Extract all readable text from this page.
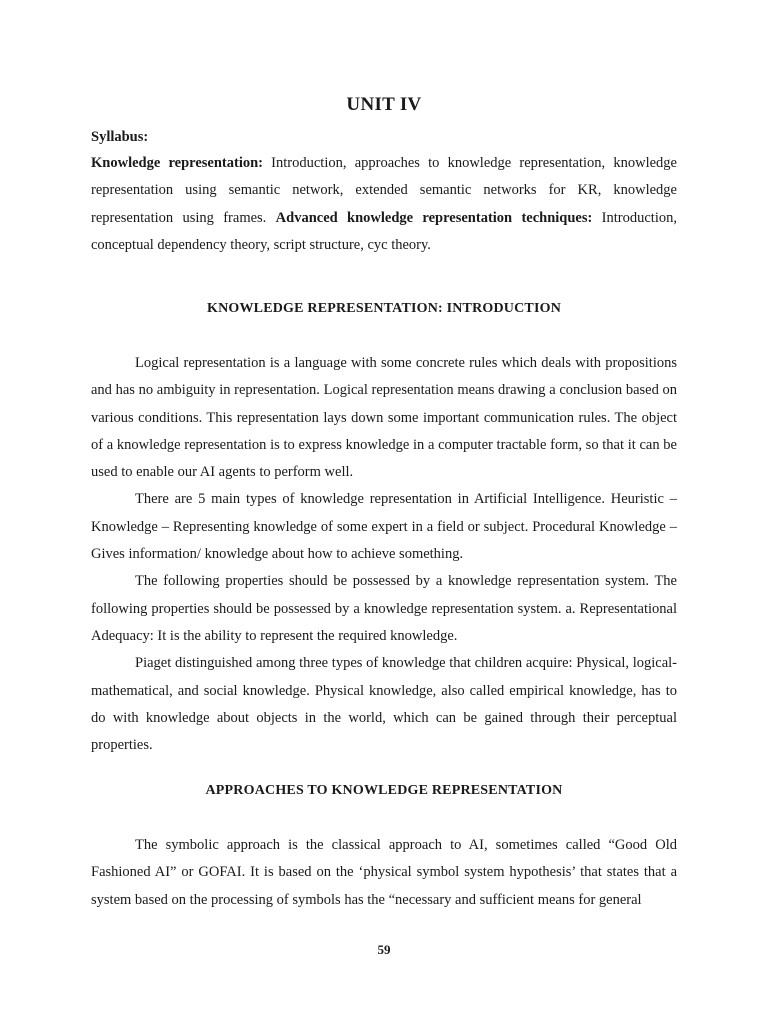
UNIT IV
Syllabus:
Knowledge representation: Introduction, approaches to knowledge representation, knowledge representation using semantic network, extended semantic networks for KR, knowledge representation using frames. Advanced knowledge representation techniques: Introduction, conceptual dependency theory, script structure, cyc theory.
KNOWLEDGE REPRESENTATION: INTRODUCTION

Logical representation is a language with some concrete rules which deals with propositions and has no ambiguity in representation. Logical representation means drawing a conclusion based on various conditions. This representation lays down some important communication rules. The object of a knowledge representation is to express knowledge in a computer tractable form, so that it can be used to enable our AI agents to perform well.

There are 5 main types of knowledge representation in Artificial Intelligence. Heuristic – Knowledge – Representing knowledge of some expert in a field or subject. Procedural Knowledge – Gives information/ knowledge about how to achieve something.

The following properties should be possessed by a knowledge representation system. The following properties should be possessed by a knowledge representation system. a. Representational Adequacy: It is the ability to represent the required knowledge.

Piaget distinguished among three types of knowledge that children acquire: Physical, logical-mathematical, and social knowledge. Physical knowledge, also called empirical knowledge, has to do with knowledge about objects in the world, which can be gained through their perceptual properties.

APPROACHES TO KNOWLEDGE REPRESENTATION

The symbolic approach is the classical approach to AI, sometimes called “Good Old Fashioned AI” or GOFAI. It is based on the ‘physical symbol system hypothesis’ that states that a system based on the processing of symbols has the “necessary and sufficient means for general

59
